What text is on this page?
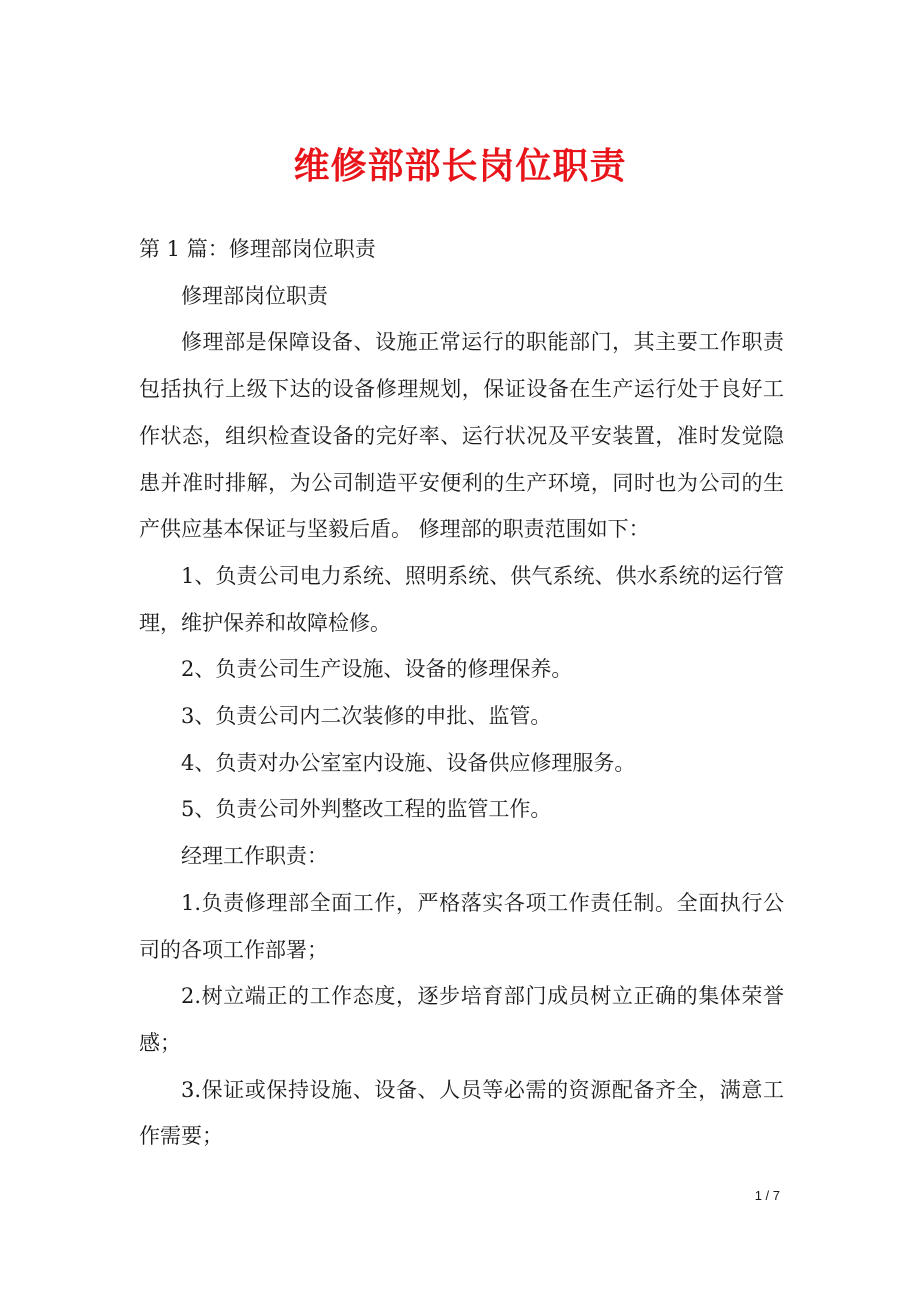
维修部部长岗位职责

第 1 篇：修理部岗位职责

修理部岗位职责

修理部是保障设备、设施正常运行的职能部门，其主要工作职责包括执行上级下达的设备修理规划，保证设备在生产运行处于良好工作状态，组织检查设备的完好率、运行状况及平安装置，准时发觉隐患并准时排解，为公司制造平安便利的生产环境，同时也为公司的生产供应基本保证与坚毅后盾。 修理部的职责范围如下：

1、负责公司电力系统、照明系统、供气系统、供水系统的运行管理，维护保养和故障检修。

2、负责公司生产设施、设备的修理保养。

3、负责公司内二次装修的申批、监管。

4、负责对办公室室内设施、设备供应修理服务。

5、负责公司外判整改工程的监管工作。

经理工作职责：

1.负责修理部全面工作，严格落实各项工作责任制。全面执行公司的各项工作部署；

2.树立端正的工作态度，逐步培育部门成员树立正确的集体荣誉感；

3.保证或保持设施、设备、人员等必需的资源配备齐全，满意工作需要；

1 / 7
